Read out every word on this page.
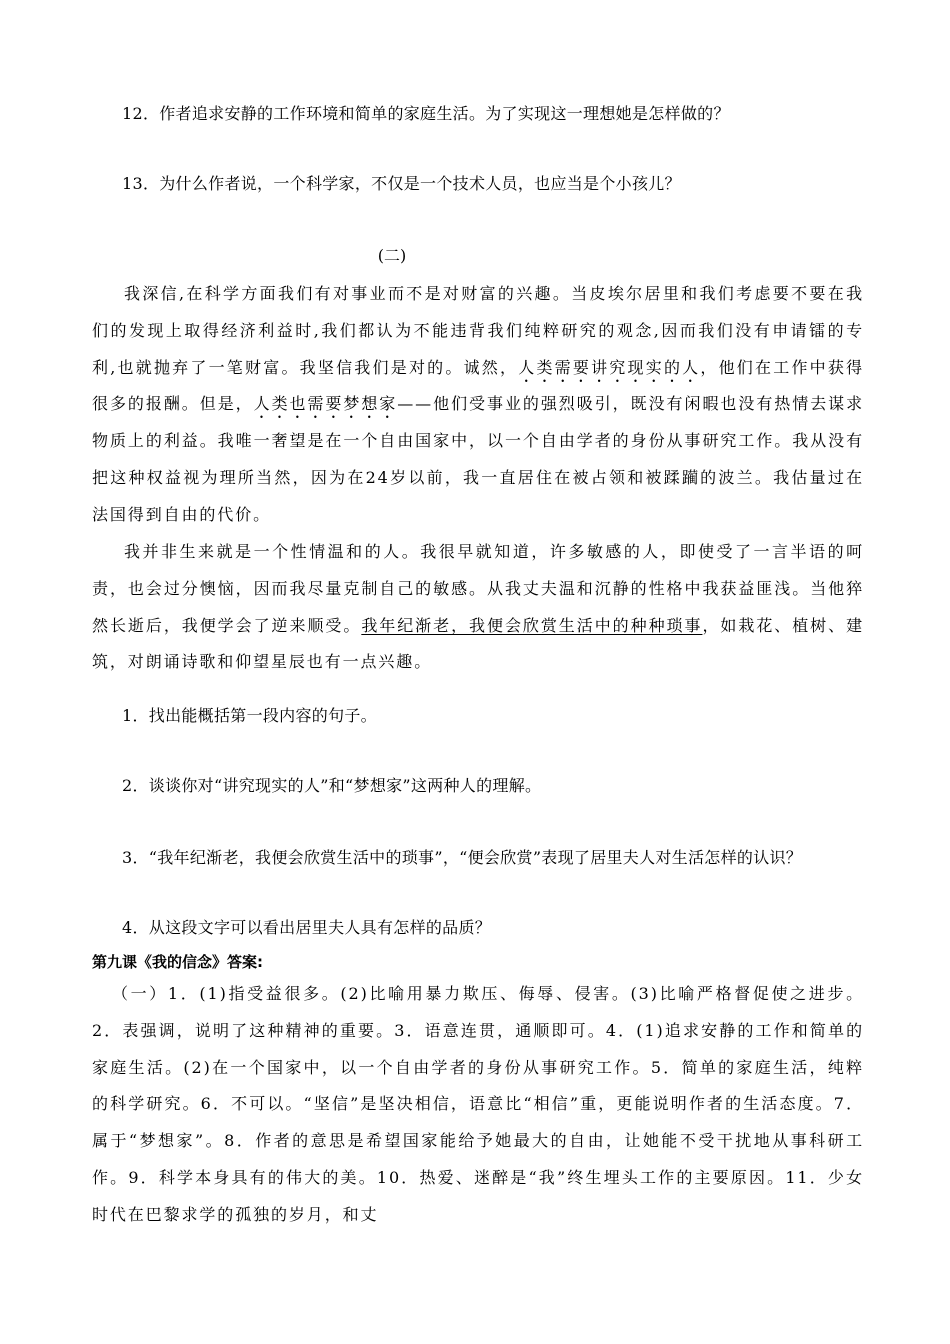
12．作者追求安静的工作环境和简单的家庭生活。为了实现这一理想她是怎样做的？
13．为什么作者说，一个科学家，不仅是一个技术人员，也应当是个小孩儿？
(二)
我深信,在科学方面我们有对事业而不是对财富的兴趣。当皮埃尔居里和我们考虑要不要在我们的发现上取得经济利益时,我们都认为不能违背我们纯粹研究的观念,因而我们没有申请镭的专利,也就抛弃了一笔财富。我坚信我们是对的。诚然，人类需要讲究现实的人，他们在工作中获得很多的报酬。但是，人类也需要梦想家——他们受事业的强烈吸引，既没有闲暇也没有热情去谋求物质上的利益。我唯一奢望是在一个自由国家中，以一个自由学者的身份从事研究工作。我从没有把这种权益视为理所当然，因为在24岁以前，我一直居住在被占领和被蹂躏的波兰。我估量过在法国得到自由的代价。
我并非生来就是一个性情温和的人。我很早就知道，许多敏感的人，即使受了一言半语的呵责，也会过分懊恼，因而我尽量克制自己的敏感。从我丈夫温和沉静的性格中我获益匪浅。当他猝然长逝后，我便学会了逆来顺受。我年纪渐老，我便会欣赏生活中的种种琐事，如栽花、植树、建筑，对朗诵诗歌和仰望星辰也有一点兴趣。
1．找出能概括第一段内容的句子。
2．谈谈你对“讲究现实的人”和“梦想家”这两种人的理解。
3．“我年纪渐老，我便会欣赏生活中的琐事”，“便会欣赏”表现了居里夫人对生活怎样的认识？
4．从这段文字可以看出居里夫人具有怎样的品质？
第九课《我的信念》答案:
（一）1．(1)指受益很多。(2)比喻用暴力欺压、侮辱、侵害。(3)比喻严格督促使之进步。2．表强调，说明了这种精神的重要。3．语意连贯，通顺即可。4．(1)追求安静的工作和简单的家庭生活。(2)在一个国家中，以一个自由学者的身份从事研究工作。5．简单的家庭生活，纯粹的科学研究。6．不可以。“坚信”是坚决相信，语意比“相信”重，更能说明作者的生活态度。7．属于“梦想家”。8．作者的意思是希望国家能给予她最大的自由，让她能不受干扰地从事科研工作。9．科学本身具有的伟大的美。10．热爱、迷醉是“我”终生埋头工作的主要原因。11．少女时代在巴黎求学的孤独的岁月，和丈
